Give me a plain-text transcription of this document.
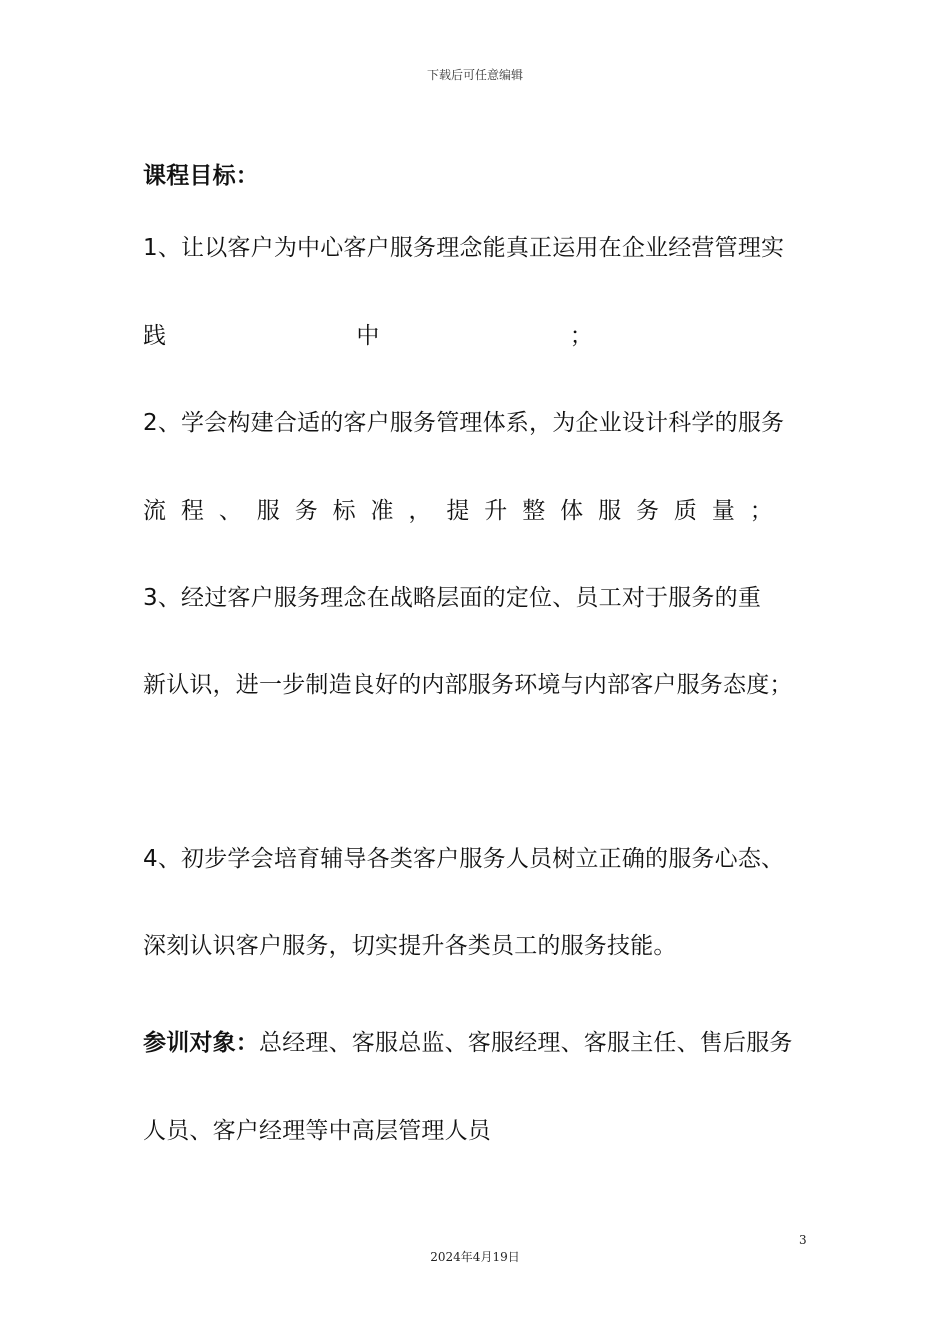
下载后可任意编辑
课程目标：
1、让以客户为中心客户服务理念能真正运用在企业经营管理实
践	中	；
2、学会构建合适的客户服务管理体系，为企业设计科学的服务
流 程 、 服 务 标 准 ， 提 升 整 体 服 务 质 量 ；
3、经过客户服务理念在战略层面的定位、员工对于服务的重
新认识，进一步制造良好的内部服务环境与内部客户服务态度；
4、初步学会培育辅导各类客户服务人员树立正确的服务心态、
深刻认识客户服务，切实提升各类员工的服务技能。
参训对象：总经理、客服总监、客服经理、客服主任、售后服务
人员、客户经理等中高层管理人员
3
2024年4月19日
